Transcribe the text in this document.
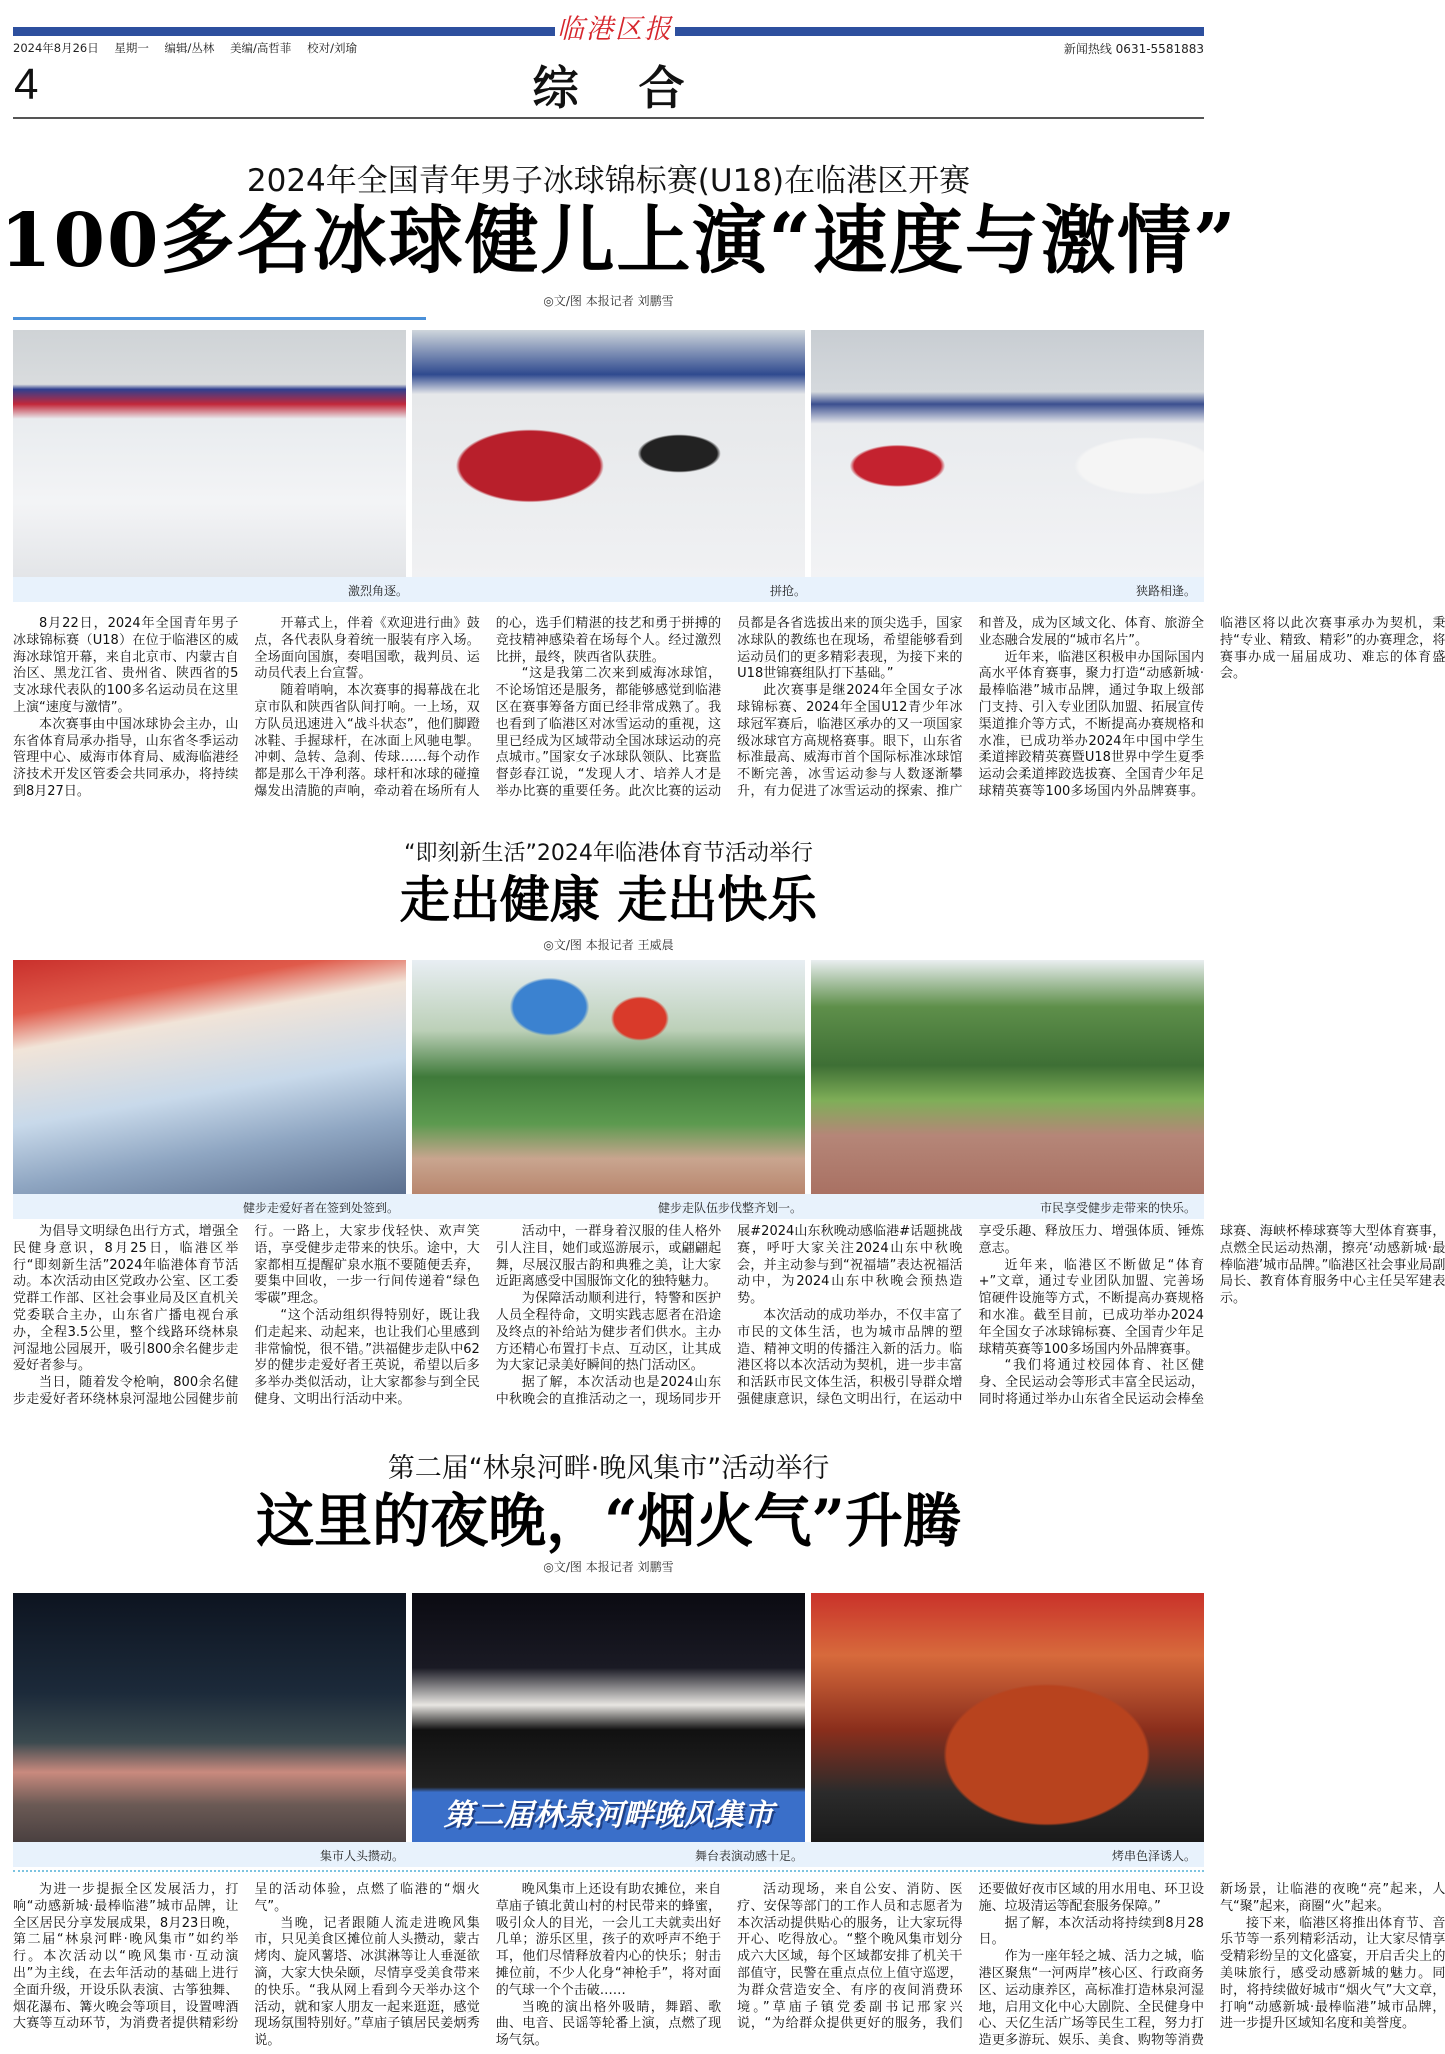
临港区报
2024年8月26日 星期一 编辑/丛林 美编/高哲菲 校对/刘瑜	新闻热线 0631-5581883
4	综合
2024年全国青年男子冰球锦标赛(U18)在临港区开赛
100多名冰球健儿上演“速度与激情”
◎文/图 本报记者 刘鹏雪
激烈角逐。	拼抢。	狭路相逢。

8月22日，2024年全国青年男子冰球锦标赛（U18）在位于临港区的威海冰球馆开幕，来自北京市、内蒙古自治区、黑龙江省、贵州省、陕西省的5支冰球代表队的100多名运动员在这里上演“速度与激情”。

本次赛事由中国冰球协会主办，山东省体育局承办指导，山东省冬季运动管理中心、威海市体育局、威海临港经济技术开发区管委会共同承办，将持续到8月27日。

开幕式上，伴着《欢迎进行曲》鼓点，各代表队身着统一服装有序入场。全场面向国旗，奏唱国歌，裁判员、运动员代表上台宣誓。

随着哨响，本次赛事的揭幕战在北京市队和陕西省队间打响。一上场，双方队员迅速进入“战斗状态”，他们脚蹬冰鞋、手握球杆，在冰面上风驰电掣。冲刺、急转、急刹、传球……每个动作都是那么干净利落。球杆和冰球的碰撞爆发出清脆的声响，牵动着在场所有人的心，选手们精湛的技艺和勇于拼搏的竞技精神感染着在场每个人。经过激烈比拼，最终，陕西省队获胜。

“这是我第二次来到威海冰球馆，不论场馆还是服务，都能够感觉到临港区在赛事筹备方面已经非常成熟了。我也看到了临港区对冰雪运动的重视，这里已经成为区域带动全国冰球运动的亮点城市。”国家女子冰球队领队、比赛监督彭春江说，“发现人才、培养人才是举办比赛的重要任务。此次比赛的运动员都是各省选拔出来的顶尖选手，国家冰球队的教练也在现场，希望能够看到运动员们的更多精彩表现，为接下来的U18世锦赛组队打下基础。”

此次赛事是继2024年全国女子冰球锦标赛、2024年全国U12青少年冰球冠军赛后，临港区承办的又一项国家级冰球官方高规格赛事。眼下，山东省标准最高、威海市首个国际标准冰球馆不断完善，冰雪运动参与人数逐渐攀升，有力促进了冰雪运动的探索、推广和普及，成为区域文化、体育、旅游全业态融合发展的“城市名片”。

近年来，临港区积极申办国际国内高水平体育赛事，聚力打造“动感新城·最棒临港”城市品牌，通过争取上级部门支持、引入专业团队加盟、拓展宣传渠道推介等方式，不断提高办赛规格和水准，已成功举办2024年中国中学生柔道摔跤精英赛暨U18世界中学生夏季运动会柔道摔跤选拔赛、全国青少年足球精英赛等100多场国内外品牌赛事。临港区将以此次赛事承办为契机，秉持“专业、精致、精彩”的办赛理念，将赛事办成一届届成功、难忘的体育盛会。

“即刻新生活”2024年临港体育节活动举行
走出健康 走出快乐
◎文/图 本报记者 王威晨
健步走爱好者在签到处签到。	健步走队伍步伐整齐划一。	市民享受健步走带来的快乐。

为倡导文明绿色出行方式，增强全民健身意识，8月25日，临港区举行“即刻新生活”2024年临港体育节活动。本次活动由区党政办公室、区工委党群工作部、区社会事业局及区直机关党委联合主办，山东省广播电视台承办，全程3.5公里，整个线路环绕林泉河湿地公园展开，吸引800余名健步走爱好者参与。

当日，随着发令枪响，800余名健步走爱好者环绕林泉河湿地公园健步前行。一路上，大家步伐轻快、欢声笑语，享受健步走带来的快乐。途中，大家都相互提醒矿泉水瓶不要随便丢弃，要集中回收，一步一行间传递着“绿色零碳”理念。

“这个活动组织得特别好，既让我们走起来、动起来，也让我们心里感到非常愉悦，很不错。”洪福健步走队中62岁的健步走爱好者王英说，希望以后多多举办类似活动，让大家都参与到全民健身、文明出行活动中来。

活动中，一群身着汉服的佳人格外引人注目，她们或巡游展示，或翩翩起舞，尽展汉服古韵和典雅之美，让大家近距离感受中国服饰文化的独特魅力。

为保障活动顺利进行，特警和医护人员全程待命，文明实践志愿者在沿途及终点的补给站为健步者们供水。主办方还精心布置打卡点、互动区，让其成为大家记录美好瞬间的热门活动区。

据了解，本次活动也是2024山东中秋晚会的直推活动之一，现场同步开展#2024山东秋晚动感临港#话题挑战赛，呼吁大家关注2024山东中秋晚会，并主动参与到“祝福墙”表达祝福活动中，为2024山东中秋晚会预热造势。

本次活动的成功举办，不仅丰富了市民的文体生活，也为城市品牌的塑造、精神文明的传播注入新的活力。临港区将以本次活动为契机，进一步丰富和活跃市民文体生活，积极引导群众增强健康意识，绿色文明出行，在运动中享受乐趣、释放压力、增强体质、锤炼意志。

近年来，临港区不断做足“体育+”文章，通过专业团队加盟、完善场馆硬件设施等方式，不断提高办赛规格和水准。截至目前，已成功举办2024年全国女子冰球锦标赛、全国青少年足球精英赛等100多场国内外品牌赛事。

“我们将通过校园体育、社区健身、全民运动会等形式丰富全民运动，同时将通过举办山东省全民运动会棒垒球赛、海峡杯棒球赛等大型体育赛事，点燃全民运动热潮，擦亮‘动感新城·最棒临港’城市品牌。”临港区社会事业局副局长、教育体育服务中心主任吴军建表示。

第二届“林泉河畔·晚风集市”活动举行
这里的夜晚，“烟火气”升腾
◎文/图 本报记者 刘鹏雪
第二届林泉河畔晚风集市
集市人头攒动。	舞台表演动感十足。	烤串色泽诱人。

为进一步提振全区发展活力，打响“动感新城·最棒临港”城市品牌，让全区居民分享发展成果，8月23日晚，第二届“林泉河畔·晚风集市”如约举行。本次活动以“晚风集市·互动演出”为主线，在去年活动的基础上进行全面升级，开设乐队表演、古筝独舞、烟花瀑布、篝火晚会等项目，设置啤酒大赛等互动环节，为消费者提供精彩纷呈的活动体验，点燃了临港的“烟火气”。

当晚，记者跟随人流走进晚风集市，只见美食区摊位前人头攒动，蒙古烤肉、旋风薯塔、冰淇淋等让人垂涎欲滴，大家大快朵颐，尽情享受美食带来的快乐。“我从网上看到今天举办这个活动，就和家人朋友一起来逛逛，感觉现场氛围特别好。”草庙子镇居民姜炳秀说。

晚风集市上还设有助农摊位，来自草庙子镇北黄山村的村民带来的蜂蜜，吸引众人的目光，一会儿工夫就卖出好几单；游乐区里，孩子的欢呼声不绝于耳，他们尽情释放着内心的快乐；射击摊位前，不少人化身“神枪手”，将对面的气球一个个击破……

当晚的演出格外吸睛，舞蹈、歌曲、电音、民谣等轮番上演，点燃了现场气氛。

活动现场，来自公安、消防、医疗、安保等部门的工作人员和志愿者为本次活动提供贴心的服务，让大家玩得开心、吃得放心。“整个晚风集市划分成六大区域，每个区域都安排了机关干部值守，民警在重点点位上值守巡逻，为群众营造安全、有序的夜间消费环境。”草庙子镇党委副书记邢家兴说，“为给群众提供更好的服务，我们还要做好夜市区域的用水用电、环卫设施、垃圾清运等配套服务保障。”

据了解，本次活动将持续到8月28日。

作为一座年轻之城、活力之城，临港区聚焦“一河两岸”核心区、行政商务区、运动康养区，高标准打造林泉河湿地，启用文化中心大剧院、全民健身中心、天亿生活广场等民生工程，努力打造更多游玩、娱乐、美食、购物等消费新场景，让临港的夜晚“亮”起来，人气“聚”起来，商圈“火”起来。

接下来，临港区将推出体育节、音乐节等一系列精彩活动，让大家尽情享受精彩纷呈的文化盛宴，开启舌尖上的美味旅行，感受动感新城的魅力。同时，将持续做好城市“烟火气”大文章，打响“动感新城·最棒临港”城市品牌，进一步提升区域知名度和美誉度。
